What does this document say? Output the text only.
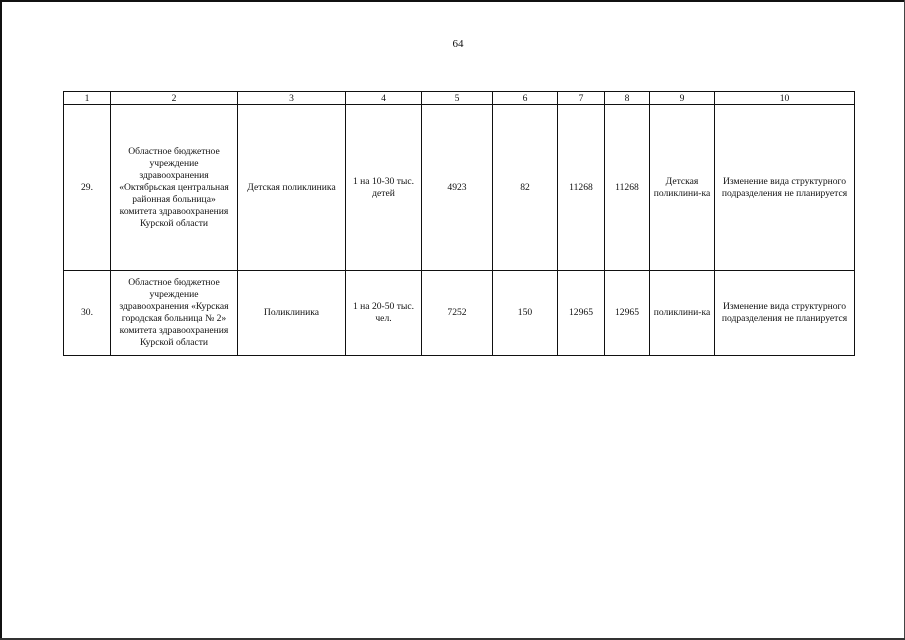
64
1	2	3	4	5	6	7	8	9	10
29.	Областное бюджетное учреждение здравоохранения «Октябрьская центральная районная больница» комитета здравоохранения Курской области	Детская поликлиника	1 на 10-30 тыс. детей	4923	82	11268	11268	Детская поликлини-ка	Изменение вида структурного подразделения не планируется
30.	Областное бюджетное учреждение здравоохранения «Курская городская больница № 2» комитета здравоохранения Курской области	Поликлиника	1 на 20-50 тыс. чел.	7252	150	12965	12965	поликлини-ка	Изменение вида структурного подразделения не планируется
